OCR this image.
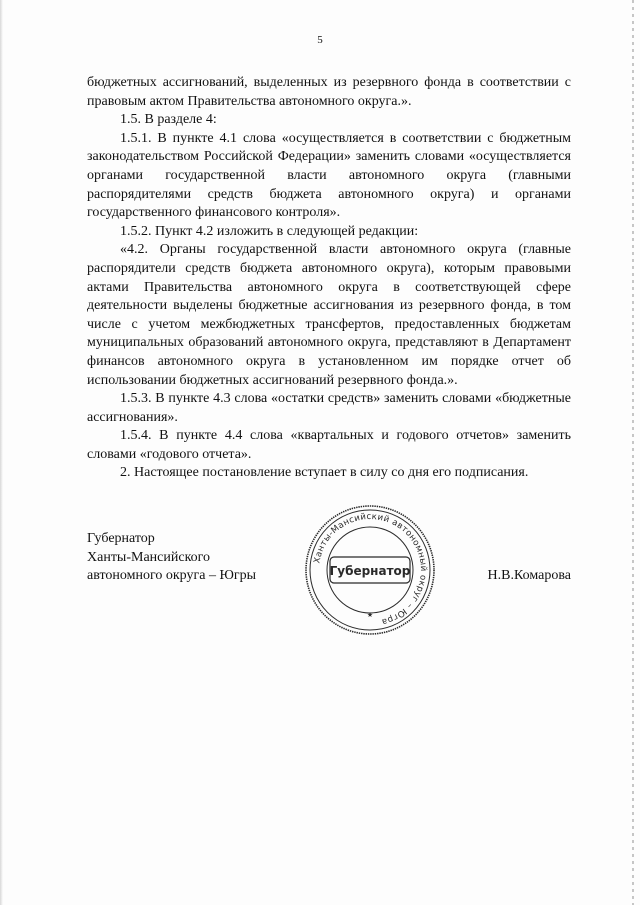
5

бюджетных ассигнований, выделенных из резервного фонда в соответствии с правовым актом Правительства автономного округа.».

1.5. В разделе 4:

1.5.1. В пункте 4.1 слова «осуществляется в соответствии с бюджетным законодательством Российской Федерации» заменить словами «осуществляется органами государственной власти автономного округа (главными распорядителями средств бюджета автономного округа) и органами государственного финансового контроля».

1.5.2. Пункт 4.2 изложить в следующей редакции:

«4.2. Органы государственной власти автономного округа (главные распорядители средств бюджета автономного округа), которым правовыми актами Правительства автономного округа в соответствующей сфере деятельности выделены бюджетные ассигнования из резервного фонда, в том числе с учетом межбюджетных трансфертов, предоставленных бюджетам муниципальных образований автономного округа, представляют в Департамент финансов автономного округа в установленном им порядке отчет об использовании бюджетных ассигнований резервного фонда.».

1.5.3. В пункте 4.3 слова «остатки средств» заменить словами «бюджетные ассигнования».

1.5.4. В пункте 4.4 слова «квартальных и годового отчетов» заменить словами «годового отчета».

2. Настоящее постановление вступает в силу со дня его подписания.

Губернатор
Ханты-Мансийского
автономного округа – Югры
Ханты-Мансийский автономный округ – Югра
Губернатор
★
Н.В.Комарова
